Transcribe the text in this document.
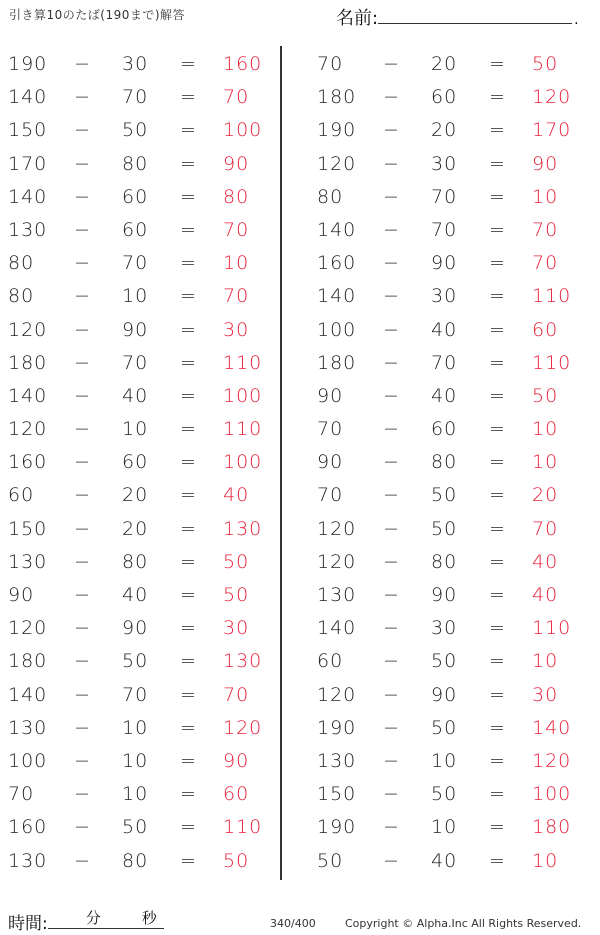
引き算10のたば(190まで)解答	名前:	.
190 − 30 = 160
140 − 70 = 70
150 − 50 = 100
170 − 80 = 90
140 − 60 = 80
130 − 60 = 70
80 − 70 = 10
80 − 10 = 70
120 − 90 = 30
180 − 70 = 110
140 − 40 = 100
120 − 10 = 110
160 − 60 = 100
60 − 20 = 40
150 − 20 = 130
130 − 80 = 50
90 − 40 = 50
120 − 90 = 30
180 − 50 = 130
140 − 70 = 70
130 − 10 = 120
100 − 10 = 90
70 − 10 = 60
160 − 50 = 110
130 − 80 = 50
70 − 20 = 50
180 − 60 = 120
190 − 20 = 170
120 − 30 = 90
80 − 70 = 10
140 − 70 = 70
160 − 90 = 70
140 − 30 = 110
100 − 40 = 60
180 − 70 = 110
90 − 40 = 50
70 − 60 = 10
90 − 80 = 10
70 − 50 = 20
120 − 50 = 70
120 − 80 = 40
130 − 90 = 40
140 − 30 = 110
60 − 50 = 10
120 − 90 = 30
190 − 50 = 140
130 − 10 = 120
150 − 50 = 100
190 − 10 = 180
50 − 40 = 10
時間:	分	秒	340/400	Copyright © Alpha.Inc All Rights Reserved.
